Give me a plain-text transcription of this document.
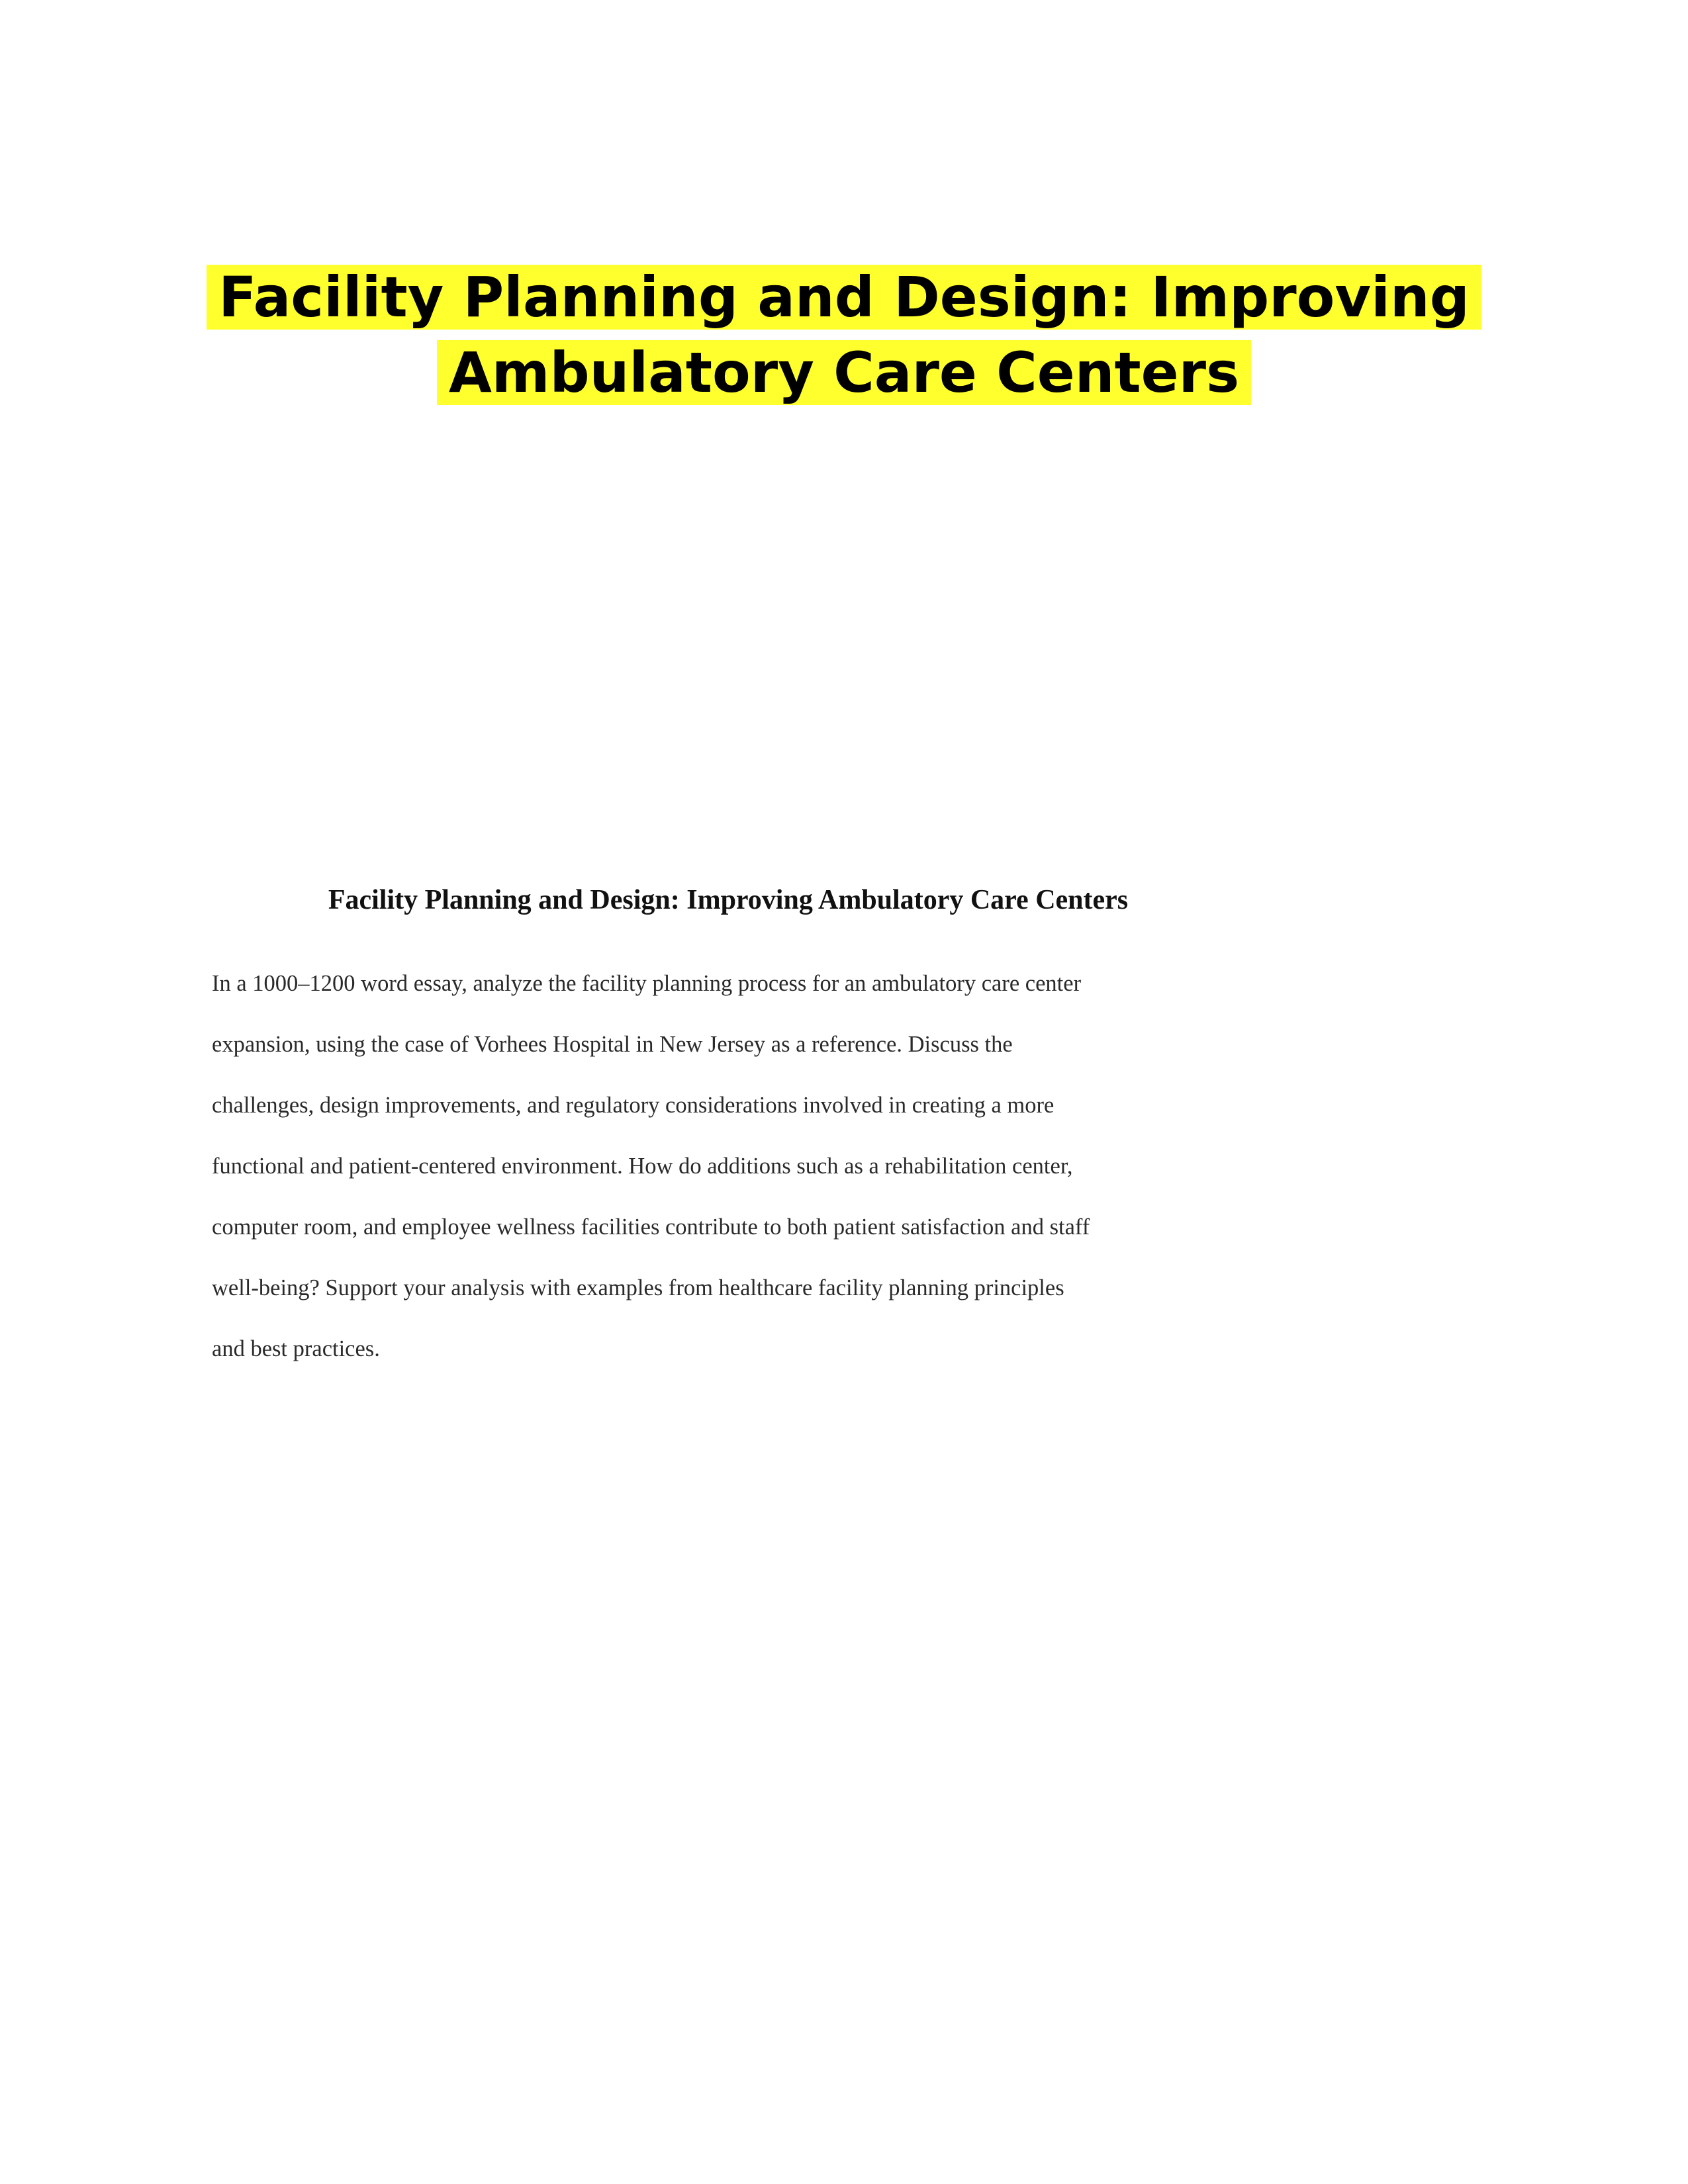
Facility Planning and Design: Improving
Ambulatory Care Centers
Facility Planning and Design: Improving Ambulatory Care Centers
In a 1000–1200 word essay, analyze the facility planning process for an ambulatory care center
expansion, using the case of Vorhees Hospital in New Jersey as a reference. Discuss the
challenges, design improvements, and regulatory considerations involved in creating a more
functional and patient-centered environment. How do additions such as a rehabilitation center,
computer room, and employee wellness facilities contribute to both patient satisfaction and staff
well-being? Support your analysis with examples from healthcare facility planning principles
and best practices.
